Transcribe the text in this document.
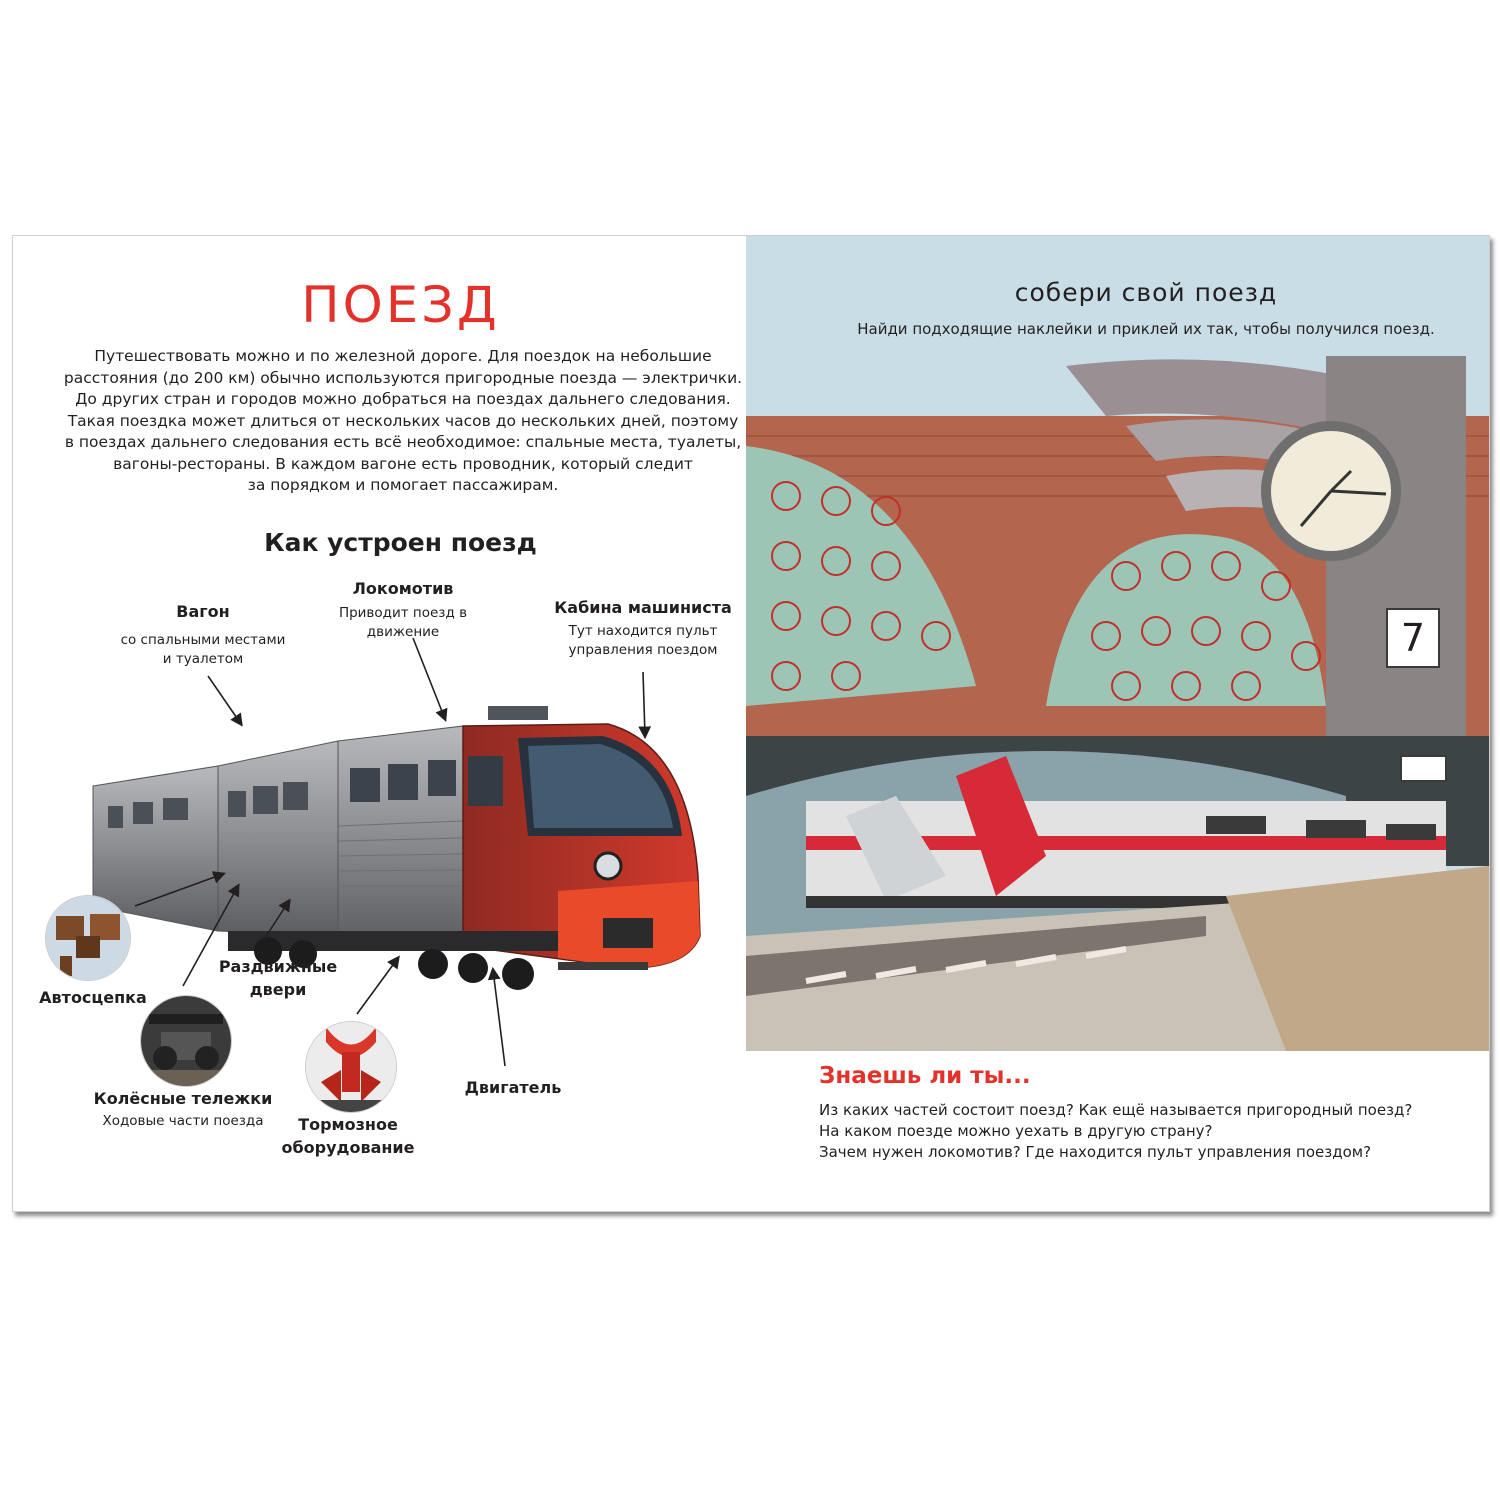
ПОЕЗД

Путешествовать можно и по железной дороге. Для поездок на небольшие
расстояния (до 200 км) обычно используются пригородные поезда — электрички.
До других стран и городов можно добраться на поездах дальнего следования.
Такая поездка может длиться от нескольких часов до нескольких дней, поэтому
в поездах дальнего следования есть всё необходимое: спальные места, туалеты,
вагоны-рестораны. В каждом вагоне есть проводник, который следит
за порядком и помогает пассажирам.

Как устроен поезд
Вагон
со спальными местами
и туалетом
Локомотив
Приводит поезд в движение
Кабина машиниста
Тут находится пульт
управления поездом
Автосцепка
Раздвижные
двери
Колёсные тележки
Ходовые части поезда	Тормозное
оборудование
Двигатель
7
собери свой поезд
Найди подходящие наклейки и приклей их так, чтобы получился поезд.
Знаешь ли ты...
Из каких частей состоит поезд? Как ещё называется пригородный поезд?
На каком поезде можно уехать в другую страну?
Зачем нужен локомотив? Где находится пульт управления поездом?
